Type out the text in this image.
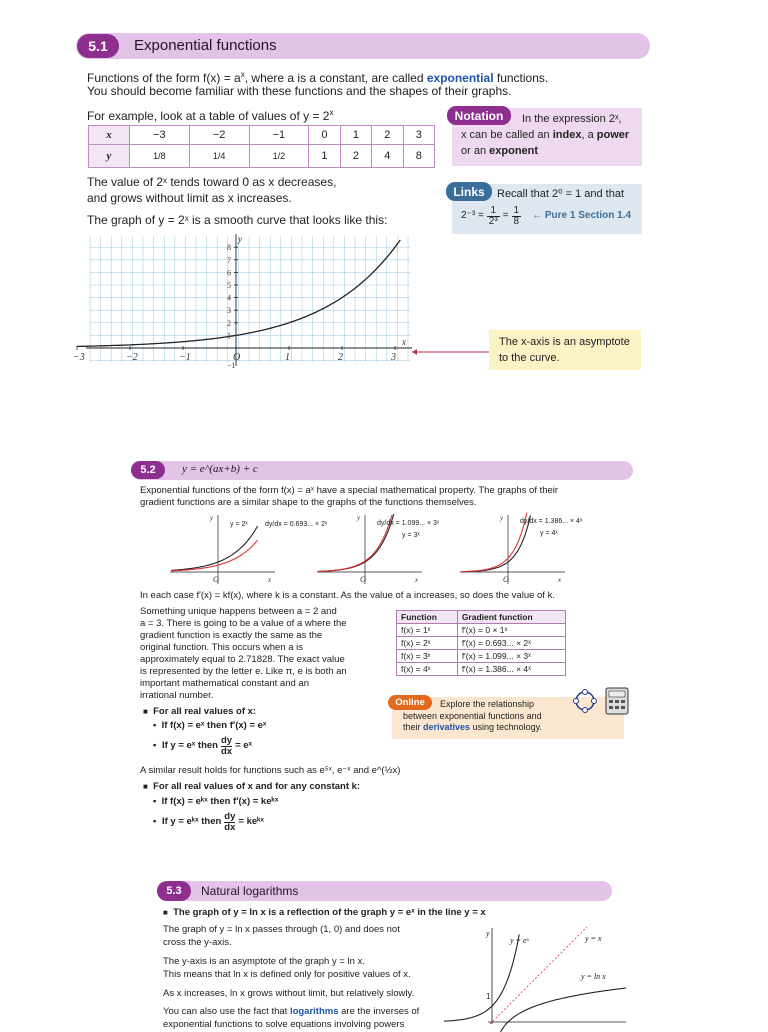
5.1	Exponential functions
Functions of the form $f(x) = a^x$, where a is a constant, are called exponential functions.
You should become familiar with these functions and the shapes of their graphs.
For example, look at a table of values of $y = 2^x$
x	−3	−2	−1	0	1	2	3
y	1/8	1/4	1/2	1	2	4	8
The value of 2ˣ tends toward 0 as x decreases,
and grows without limit as x increases.
The graph of y = 2ˣ is a smooth curve that looks like this:
Notation	In the expression 2ˣ,
x can be called an index, a power
or an exponent
Links	Recall that 2⁰ = 1 and that
$2^{-3} = \frac{1}{\text{2³}} = \frac{1}{8}$ ← Pure 1 Section 1.4
−3	−2	−1	O	1	2	3
1
2
3
4
5
6
7
8
−1
x
y
The x-axis is an asymptote
to the curve.
5.2	y = e^(ax+b) + c
Exponential functions of the form f(x) = aˣ have a special mathematical property. The graphs of their
gradient functions are a similar shape to the graphs of the functions themselves.
O	x
y
O	x
y
O	x
y
y = 2ˣ dy/dx = 0.693... × 2ˣ
y = 3ˣ
dy/dx = 1.099... × 3ˣ
y = 4ˣ
dy/dx = 1.386... × 4ˣ
In each case f′(x) = kf(x), where k is a constant. As the value of a increases, so does the value of k.
Something unique happens between a = 2 and
a = 3. There is going to be a value of a where the
gradient function is exactly the same as the
original function. This occurs when a is
approximately equal to 2.71828. The exact value
is represented by the letter e. Like π, e is both an
important mathematical constant and an
irrational number.
Function	Gradient function
f(x) = 1ˣ	f′(x) = 0 × 1ˣ
f(x) = 2ˣ	f′(x) = 0.693... × 2ˣ
f(x) = 3ˣ	f′(x) = 1.099... × 3ˣ
f(x) = 4ˣ	f′(x) = 1.386... × 4ˣ
Online	Explore the relationship
between exponential functions and
their derivatives using technology.
■ For all real values of x:
•  If f(x) = eˣ then f′(x) = eˣ
• If y = eˣ then $\frac{dy}{dx}$ = eˣ
A similar result holds for functions such as e⁵ˣ, e⁻ˣ and e^(½x)
■ For all real values of x and for any constant k:
•  If f(x) = eᵏˣ then f′(x) = keᵏˣ
• If y = eᵏˣ then $\frac{dy}{dx}$ = keᵏˣ
5.3	Natural logarithms
■ The graph of y = ln x is a reflection of the graph y = eˣ in the line y = x
The graph of y = ln x passes through (1, 0) and does not
cross the y-axis.
The y-axis is an asymptote of the graph y = ln x.
This means that ln x is defined only for positive values of x.
As x increases, ln x grows without limit, but relatively slowly.
You can also use the fact that logarithms are the inverses of
exponential functions to solve equations involving powers
y = eˣ	y = x
y = ln x
y
1
